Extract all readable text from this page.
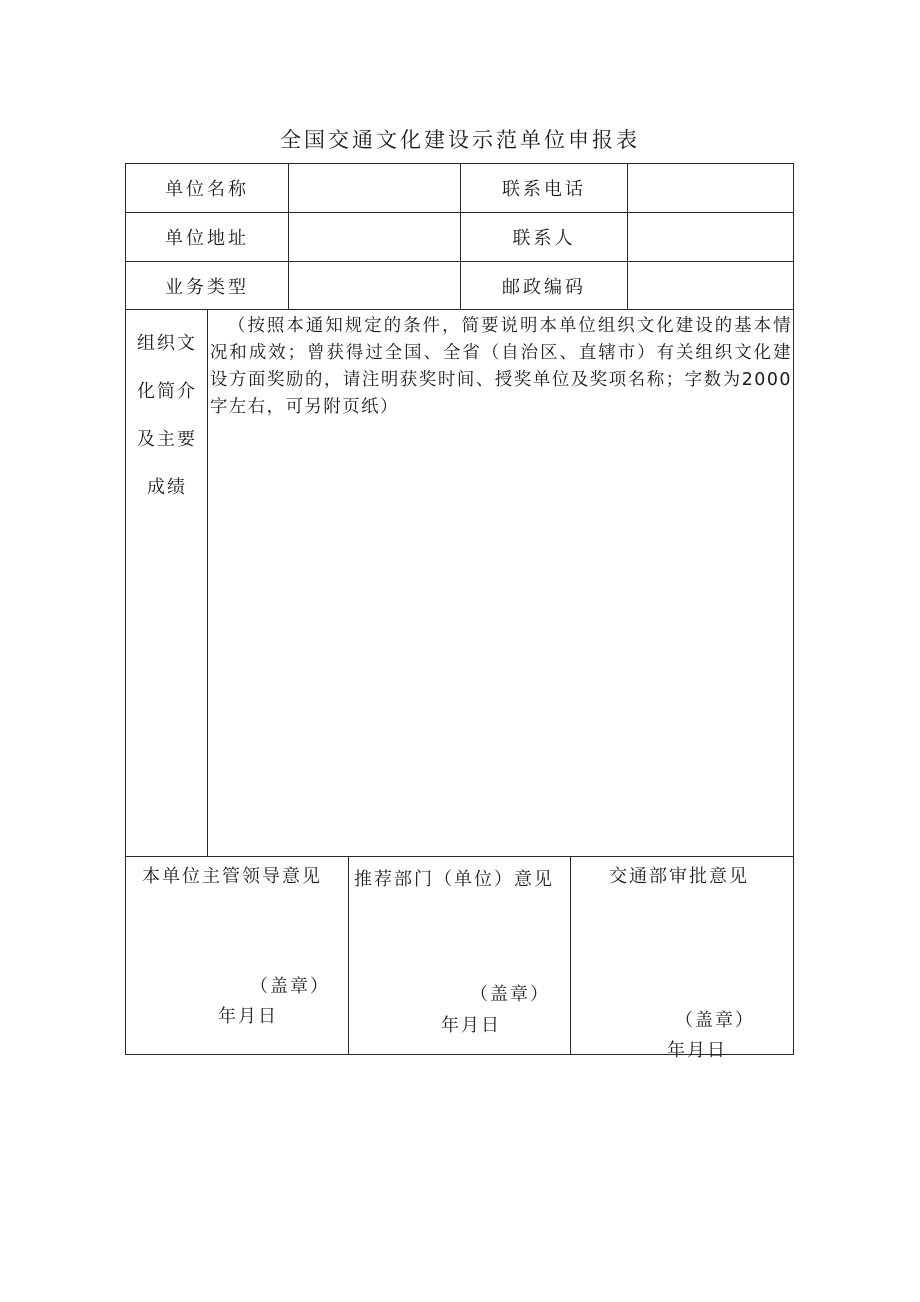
全国交通文化建设示范单位申报表
单位名称	联系电话
单位地址	联系人
业务类型	邮政编码
组织文
化简介
及主要
成绩
（按照本通知规定的条件，简要说明本单位组织文化建设的基本情况和成效；曾获得过全国、全省（自治区、直辖市）有关组织文化建设方面奖励的，请注明获奖时间、授奖单位及奖项名称；字数为2000字左右，可另附页纸）
本单位主管领导意见
（盖章）
年月日
推荐部门（单位）意见
（盖章）
年月日
交通部审批意见
（盖章）
年月日
